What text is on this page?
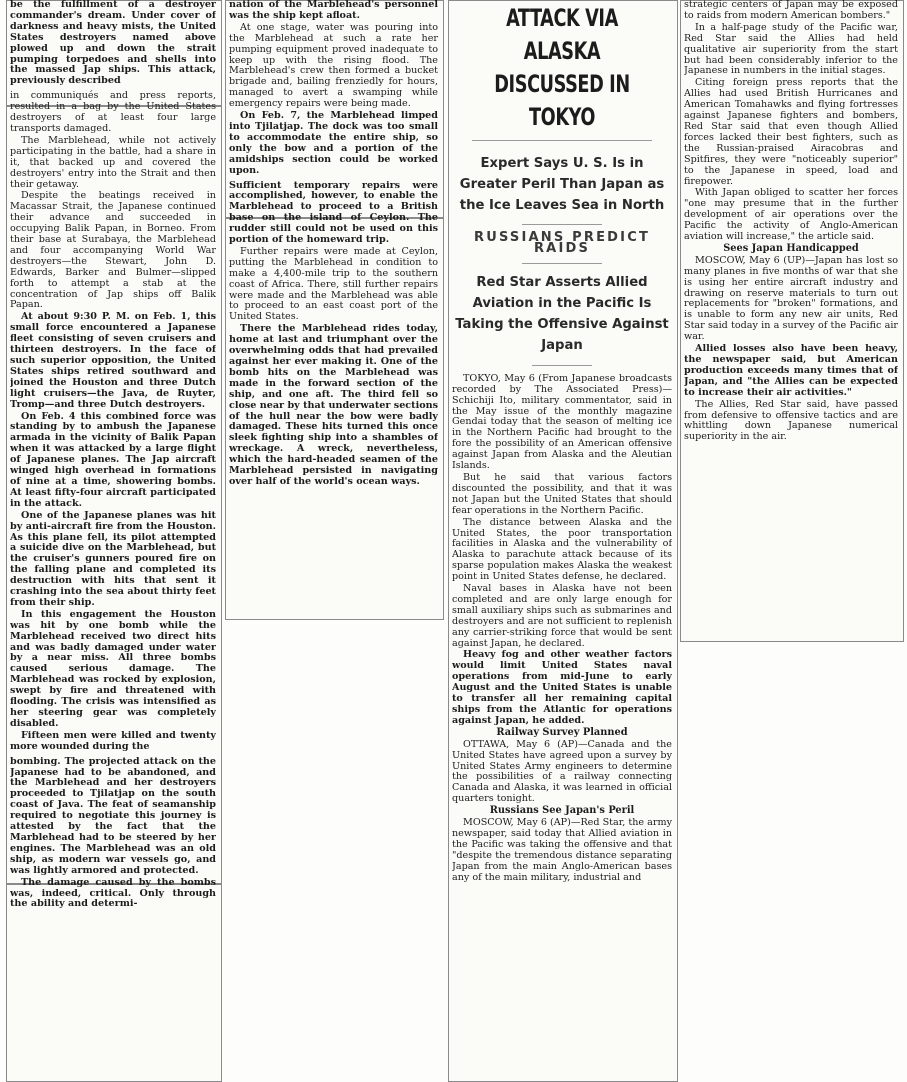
be the fulfillment of a destroyer commander's dream. Under cover of darkness and heavy mists, the United States destroyers named above plowed up and down the strait pumping torpedoes and shells into the massed Jap ships. This attack, previously described

in communiqués and press reports, resulted in a bag by the United States destroyers of at least four large transports damaged.

The Marblehead, while not actively participating in the battle, had a share in it, that backed up and covered the destroyers' entry into the Strait and then their getaway.

Despite the beatings received in Macassar Strait, the Japanese continued their advance and succeeded in occupying Balik Papan, in Borneo. From their base at Surabaya, the Marblehead and four accompanying World War destroyers—the Stewart, John D. Edwards, Barker and Bulmer—slipped forth to attempt a stab at the concentration of Jap ships off Balik Papan.

At about 9:30 P. M. on Feb. 1, this small force encountered a Japanese fleet consisting of seven cruisers and thirteen destroyers. In the face of such superior opposition, the United States ships retired southward and joined the Houston and three Dutch light cruisers—the Java, de Ruyter, Tromp—and three Dutch destroyers.

On Feb. 4 this combined force was standing by to ambush the Japanese armada in the vicinity of Balik Papan when it was attacked by a large flight of Japanese planes. The Jap aircraft winged high overhead in formations of nine at a time, showering bombs. At least fifty-four aircraft participated in the attack.

One of the Japanese planes was hit by anti-aircraft fire from the Houston. As this plane fell, its pilot attempted a suicide dive on the Marblehead, but the cruiser's gunners poured fire on the falling plane and completed its destruction with hits that sent it crashing into the sea about thirty feet from their ship.

In this engagement the Houston was hit by one bomb while the Marblehead received two direct hits and was badly damaged under water by a near miss. All three bombs caused serious damage. The Marblehead was rocked by explosion, swept by fire and threatened with flooding. The crisis was intensified as her steering gear was completely disabled.

Fifteen men were killed and twenty more wounded during the

bombing. The projected attack on the Japanese had to be abandoned, and the Marblehead and her destroyers proceeded to Tjilatjap on the south coast of Java. The feat of seamanship required to negotiate this journey is attested by the fact that the Marblehead had to be steered by her engines. The Marblehead was an old ship, as modern war vessels go, and was lightly armored and protected.

The damage caused by the bombs was, indeed, critical. Only through the ability and determi-

nation of the Marblehead's personnel was the ship kept afloat.

At one stage, water was pouring into the Marblehead at such a rate her pumping equipment proved inadequate to keep up with the rising flood. The Marblehead's crew then formed a bucket brigade and, bailing frenziedly for hours, managed to avert a swamping while emergency repairs were being made.

On Feb. 7, the Marblehead limped into Tjilatjap. The dock was too small to accommodate the entire ship, so only the bow and a portion of the amidships section could be worked upon.

Sufficient temporary repairs were accomplished, however, to enable the Marblehead to proceed to a British base on the island of Ceylon. The rudder still could not be used on this portion of the homeward trip.

Further repairs were made at Ceylon, putting the Marblehead in condition to make a 4,400-mile trip to the southern coast of Africa. There, still further repairs were made and the Marblehead was able to proceed to an east coast port of the United States.

There the Marblehead rides today, home at last and triumphant over the overwhelming odds that had prevailed against her ever making it. One of the bomb hits on the Marblehead was made in the forward section of the ship, and one aft. The third fell so close near by that underwater sections of the hull near the bow were badly damaged. These hits turned this once sleek fighting ship into a shambles of wreckage. A wreck, nevertheless, which the hard-headed seamen of the Marblehead persisted in navigating over half of the world's ocean ways.

ATTACK VIA ALASKA DISCUSSED IN TOKYO

Expert Says U. S. Is in Greater Peril Than Japan as the Ice Leaves Sea in North

RUSSIANS PREDICT RAIDS

Red Star Asserts Allied Aviation in the Pacific Is Taking the Offensive Against Japan

TOKYO, May 6 (From Japanese broadcasts recorded by The Associated Press)—Schichiji Ito, military commentator, said in the May issue of the monthly magazine Gendai today that the season of melting ice in the Northern Pacific had brought to the fore the possibility of an American offensive against Japan from Alaska and the Aleutian Islands.

But he said that various factors discounted the possibility, and that it was not Japan but the United States that should fear operations in the Northern Pacific.

The distance between Alaska and the United States, the poor transportation facilities in Alaska and the vulnerability of Alaska to parachute attack because of its sparse population makes Alaska the weakest point in United States defense, he declared.

Naval bases in Alaska have not been completed and are only large enough for small auxiliary ships such as submarines and destroyers and are not sufficient to replenish any carrier-striking force that would be sent against Japan, he declared.

Heavy fog and other weather factors would limit United States naval operations from mid-June to early August and the United States is unable to transfer all her remaining capital ships from the Atlantic for operations against Japan, he added.

Railway Survey Planned

OTTAWA, May 6 (AP)—Canada and the United States have agreed upon a survey by United States Army engineers to determine the possibilities of a railway connecting Canada and Alaska, it was learned in official quarters tonight.

Russians See Japan's Peril

MOSCOW, May 6 (AP)—Red Star, the army newspaper, said today that Allied aviation in the Pacific was taking the offensive and that "despite the tremendous distance separating Japan from the main Anglo-American bases any of the main military, industrial and

strategic centers of Japan may be exposed to raids from modern American bombers."

In a half-page study of the Pacific war, Red Star said the Allies had held qualitative air superiority from the start but had been considerably inferior to the Japanese in numbers in the initial stages.

Citing foreign press reports that the Allies had used British Hurricanes and American Tomahawks and flying fortresses against Japanese fighters and bombers, Red Star said that even though Allied forces lacked their best fighters, such as the Russian-praised Airacobras and Spitfires, they were "noticeably superior" to the Japanese in speed, load and firepower.

With Japan obliged to scatter her forces "one may presume that in the further development of air operations over the Pacific the activity of Anglo-American aviation will increase," the article said.

Sees Japan Handicapped

MOSCOW, May 6 (UP)—Japan has lost so many planes in five months of war that she is using her entire aircraft industry and drawing on reserve materials to turn out replacements for "broken" formations, and is unable to form any new air units, Red Star said today in a survey of the Pacific air war.

Allied losses also have been heavy, the newspaper said, but American production exceeds many times that of Japan, and "the Allies can be expected to increase their air activities."

The Allies, Red Star said, have passed from defensive to offensive tactics and are whittling down Japanese numerical superiority in the air.
